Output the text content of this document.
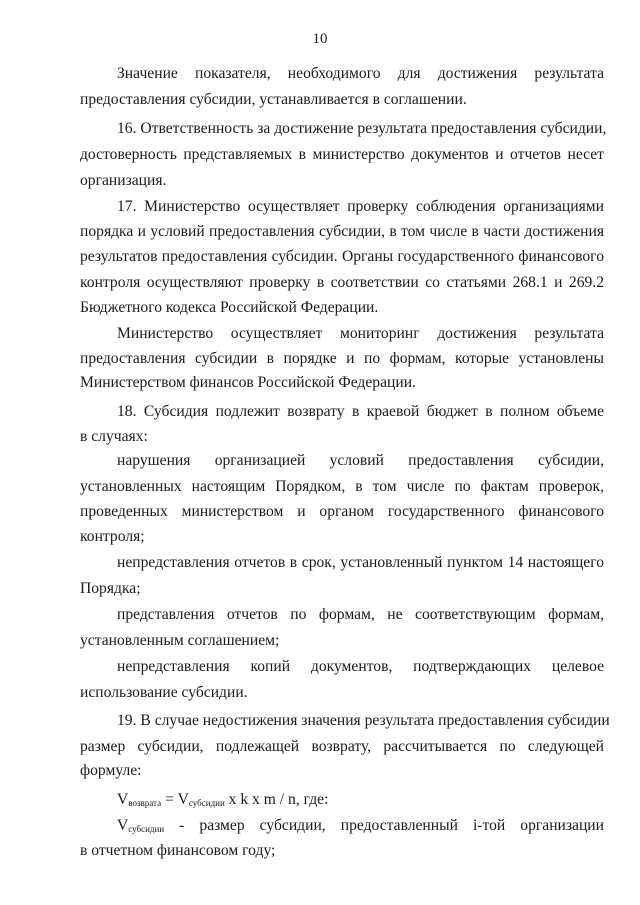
10
Значение показателя, необходимого для достижения результата
предоставления субсидии, устанавливается в соглашении.
16. Ответственность за достижение результата предоставления субсидии,
достоверность представляемых в министерство документов и отчетов несет
организация.
17. Министерство осуществляет проверку соблюдения организациями
порядка и условий предоставления субсидии, в том числе в части достижения
результатов предоставления субсидии. Органы государственного финансового
контроля осуществляют проверку в соответствии со статьями 268.1 и 269.2
Бюджетного кодекса Российской Федерации.
Министерство осуществляет мониторинг достижения результата
предоставления субсидии в порядке и по формам, которые установлены
Министерством финансов Российской Федерации.
18. Субсидия подлежит возврату в краевой бюджет в полном объеме
в случаях:
нарушения организацией условий предоставления субсидии,
установленных настоящим Порядком, в том числе по фактам проверок,
проведенных министерством и органом государственного финансового
контроля;
непредставления отчетов в срок, установленный пунктом 14 настоящего
Порядка;
представления отчетов по формам, не соответствующим формам,
установленным соглашением;
непредставления копий документов, подтверждающих целевое
использование субсидии.
19. В случае недостижения значения результата предоставления субсидии
размер субсидии, подлежащей возврату, рассчитывается по следующей
формуле:
$V_{возврата} = V_{субсидии}$ x k x m / n, где:
$V_{субсидии}$ - размер субсидии, предоставленный i-той организации
в отчетном финансовом году;
